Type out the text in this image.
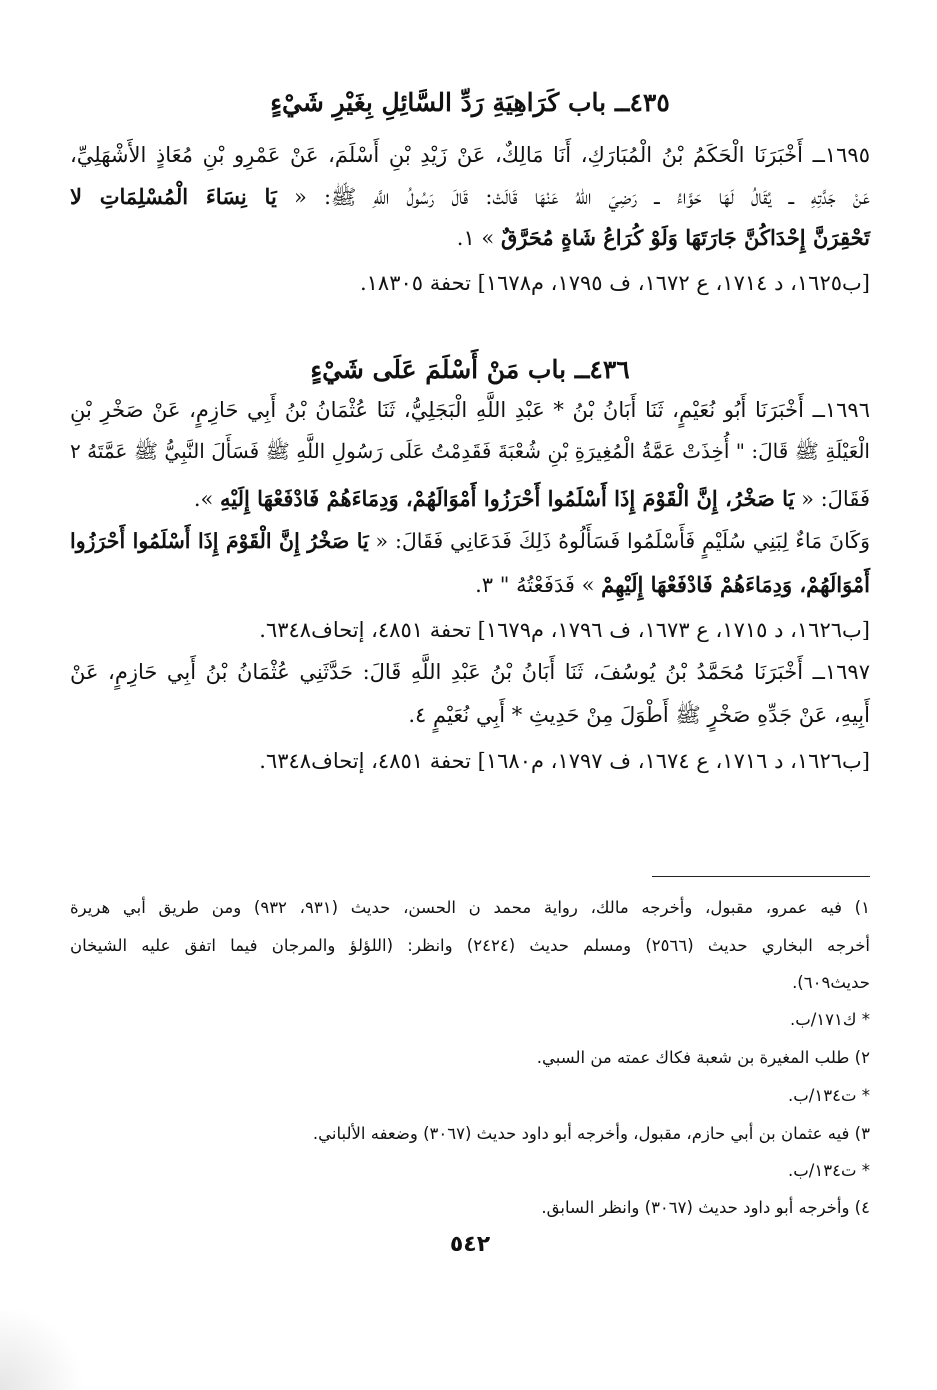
٤٣٥ــ باب كَرَاهِيَةِ رَدِّ السَّائِلِ بِغَيْرِ شَيْءٍ
١٦٩٥ــ أَخْبَرَنَا الْحَكَمُ بْنُ الْمُبَارَكِ، أَنَا مَالِكٌ، عَنْ زَيْدِ بْنِ أَسْلَمَ، عَنْ عَمْرِو بْنِ مُعَاذٍ الأَشْهَلِيِّ،
عَنْ جَدَّتِهِ ــ يُقَالُ لَهَا حَوَّاءُ ــ رَضِيَ اللهُ عَنْهَا قَالَتْ: قَالَ رَسُولُ اللَّهِ ﷺ: « يَا نِسَاءَ الْمُسْلِمَاتِ لا
تَحْقِرَنَّ إِحْدَاكُنَّ جَارَتَهَا وَلَوْ كُرَاعُ شَاةٍ مُحَرَّقٌ » ١.
[ب١٦٢٥، د ١٧١٤، ع ١٦٧٢، ف ١٧٩٥، م١٦٧٨] تحفة ١٨٣٠٥.
٤٣٦ــ باب مَنْ أَسْلَمَ عَلَى شَيْءٍ
١٦٩٦ــ أَخْبَرَنَا أَبُو نُعَيْمٍ، ثَنَا أَبَانُ بْنُ * عَبْدِ اللَّهِ الْبَجَلِيُّ، ثَنَا عُثْمَانُ بْنُ أَبِي حَازِمٍ، عَنْ صَخْرِ بْنِ
الْعَيْلَةِ ﷺ قَالَ: " أُخِذَتْ عَمَّةُ الْمُغِيرَةِ بْنِ شُعْبَةَ فَقَدِمْتُ عَلَى رَسُولِ اللَّهِ ﷺ فَسَأَلَ النَّبِيُّ ﷺ عَمَّتَهُ ٢
فَقَالَ: « يَا صَخْرُ، إِنَّ الْقَوْمَ إِذَا أَسْلَمُوا أَحْرَزُوا أَمْوَالَهُمْ، وَدِمَاءَهُمْ فَادْفَعْهَا إِلَيْهِ ».
وَكَانَ مَاءٌ لِبَنِي سُلَيْمٍ فَأَسْلَمُوا فَسَأَلُوهُ ذَلِكَ فَدَعَانِي فَقَالَ: « يَا صَخْرُ إِنَّ الْقَوْمَ إِذَا أَسْلَمُوا أَحْرَزُوا
أَمْوَالَهُمْ، وَدِمَاءَهُمْ فَادْفَعْهَا إِلَيْهِمْ » فَدَفَعْتُهُ " ٣.
[ب١٦٢٦، د ١٧١٥، ع ١٦٧٣، ف ١٧٩٦، م١٦٧٩] تحفة ٤٨٥١، إتحاف٦٣٤٨.
١٦٩٧ــ أَخْبَرَنَا مُحَمَّدُ بْنُ يُوسُفَ، ثَنَا أَبَانُ بْنُ عَبْدِ اللَّهِ قَالَ: حَدَّثَنِي عُثْمَانُ بْنُ أَبِي حَازِمٍ، عَنْ
أَبِيهِ، عَنْ جَدِّهِ صَخْرٍ ﷺ أَطْوَلَ مِنْ حَدِيثِ * أَبِي نُعَيْمٍ ٤.
[ب١٦٢٦، د ١٧١٦، ع ١٦٧٤، ف ١٧٩٧، م١٦٨٠] تحفة ٤٨٥١، إتحاف٦٣٤٨.
١) فيه عمرو، مقبول، وأخرجه مالك، رواية محمد ن الحسن، حديث (٩٣١، ٩٣٢) ومن طريق أبي هريرة
أخرجه البخاري حديث (٢٥٦٦) ومسلم حديث (٢٤٢٤) وانظر: (اللؤلؤ والمرجان فيما اتفق عليه الشيخان
حديث٦٠٩).
* ك١٧١/ب.
٢) طلب المغيرة بن شعبة فكاك عمته من السبي.
* ت١٣٤/ب.
٣) فيه عثمان بن أبي حازم، مقبول، وأخرجه أبو داود حديث (٣٠٦٧) وضعفه الألباني.
* ت١٣٤/ب.
٤) وأخرجه أبو داود حديث (٣٠٦٧) وانظر السابق.
٥٤٢
